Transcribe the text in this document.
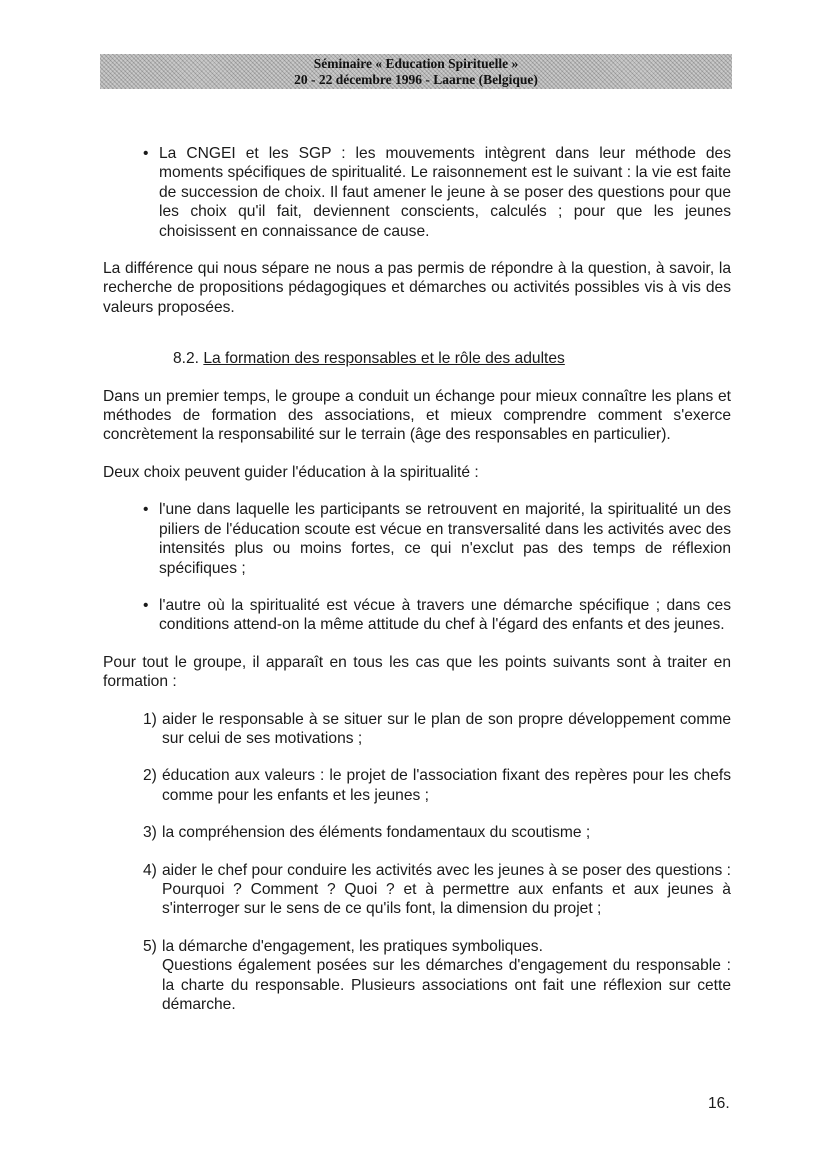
Séminaire « Education Spirituelle »
20 - 22 décembre 1996 - Laarne (Belgique)
• La CNGEI et les SGP : les mouvements intègrent dans leur méthode des moments spécifiques de spiritualité. Le raisonnement est le suivant : la vie est faite de succession de choix. Il faut amener le jeune à se poser des questions pour que les choix qu'il fait, deviennent conscients, calculés ; pour que les jeunes choisissent en connaissance de cause.

La différence qui nous sépare ne nous a pas permis de répondre à la question, à savoir, la recherche de propositions pédagogiques et démarches ou activités possibles vis à vis des valeurs proposées.

8.2. La formation des responsables et le rôle des adultes

Dans un premier temps, le groupe a conduit un échange pour mieux connaître les plans et méthodes de formation des associations, et mieux comprendre comment s'exerce concrètement la responsabilité sur le terrain (âge des responsables en particulier).

Deux choix peuvent guider l'éducation à la spiritualité :

• l'une dans laquelle les participants se retrouvent en majorité, la spiritualité un des piliers de l'éducation scoute est vécue en transversalité dans les activités avec des intensités plus ou moins fortes, ce qui n'exclut pas des temps de réflexion spécifiques ;
• l'autre où la spiritualité est vécue à travers une démarche spécifique ; dans ces conditions attend-on la même attitude du chef à l'égard des enfants et des jeunes.

Pour tout le groupe, il apparaît en tous les cas que les points suivants sont à traiter en formation :

1) aider le responsable à se situer sur le plan de son propre développement comme sur celui de ses motivations ;
2) éducation aux valeurs : le projet de l'association fixant des repères pour les chefs comme pour les enfants et les jeunes ;
3) la compréhension des éléments fondamentaux du scoutisme ;
4) aider le chef pour conduire les activités avec les jeunes à se poser des questions : Pourquoi ? Comment ? Quoi ? et à permettre aux enfants et aux jeunes à s'interroger sur le sens de ce qu'ils font, la dimension du projet ;
5) la démarche d'engagement, les pratiques symboliques.
Questions également posées sur les démarches d'engagement du responsable : la charte du responsable. Plusieurs associations ont fait une réflexion sur cette démarche.
16.
